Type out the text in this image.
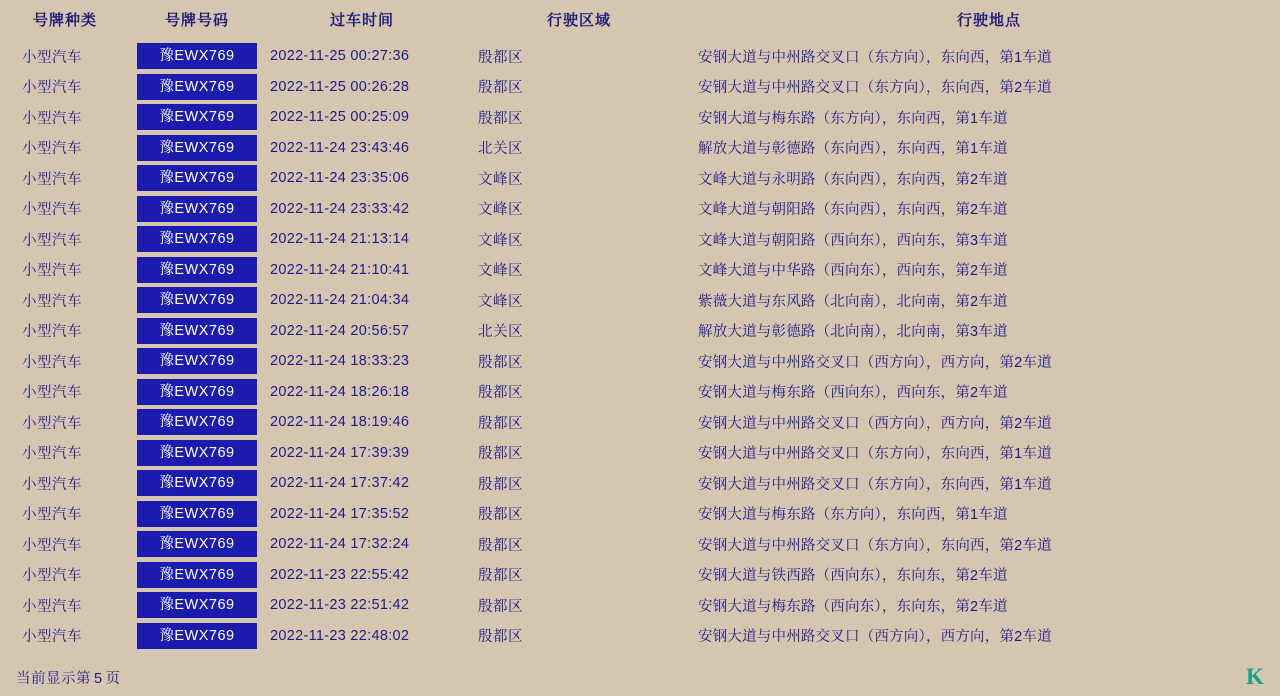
号牌种类	号牌号码	过车时间	行驶区域	行驶地点
小型汽车	豫EWX769	2022-11-25 00:27:36	殷都区	安钢大道与中州路交叉口（东方向），东向西，第1车道
小型汽车	豫EWX769	2022-11-25 00:26:28	殷都区	安钢大道与中州路交叉口（东方向），东向西，第2车道
小型汽车	豫EWX769	2022-11-25 00:25:09	殷都区	安钢大道与梅东路（东方向），东向西，第1车道
小型汽车	豫EWX769	2022-11-24 23:43:46	北关区	解放大道与彰德路（东向西），东向西，第1车道
小型汽车	豫EWX769	2022-11-24 23:35:06	文峰区	文峰大道与永明路（东向西），东向西，第2车道
小型汽车	豫EWX769	2022-11-24 23:33:42	文峰区	文峰大道与朝阳路（东向西），东向西，第2车道
小型汽车	豫EWX769	2022-11-24 21:13:14	文峰区	文峰大道与朝阳路（西向东），西向东，第3车道
小型汽车	豫EWX769	2022-11-24 21:10:41	文峰区	文峰大道与中华路（西向东），西向东，第2车道
小型汽车	豫EWX769	2022-11-24 21:04:34	文峰区	紫薇大道与东风路（北向南），北向南，第2车道
小型汽车	豫EWX769	2022-11-24 20:56:57	北关区	解放大道与彰德路（北向南），北向南，第3车道
小型汽车	豫EWX769	2022-11-24 18:33:23	殷都区	安钢大道与中州路交叉口（西方向），西方向，第2车道
小型汽车	豫EWX769	2022-11-24 18:26:18	殷都区	安钢大道与梅东路（西向东），西向东，第2车道
小型汽车	豫EWX769	2022-11-24 18:19:46	殷都区	安钢大道与中州路交叉口（西方向），西方向，第2车道
小型汽车	豫EWX769	2022-11-24 17:39:39	殷都区	安钢大道与中州路交叉口（东方向），东向西，第1车道
小型汽车	豫EWX769	2022-11-24 17:37:42	殷都区	安钢大道与中州路交叉口（东方向），东向西，第1车道
小型汽车	豫EWX769	2022-11-24 17:35:52	殷都区	安钢大道与梅东路（东方向），东向西，第1车道
小型汽车	豫EWX769	2022-11-24 17:32:24	殷都区	安钢大道与中州路交叉口（东方向），东向西，第2车道
小型汽车	豫EWX769	2022-11-23 22:55:42	殷都区	安钢大道与铁西路（西向东），东向东，第2车道
小型汽车	豫EWX769	2022-11-23 22:51:42	殷都区	安钢大道与梅东路（西向东），东向东，第2车道
小型汽车	豫EWX769	2022-11-23 22:48:02	殷都区	安钢大道与中州路交叉口（西方向），西方向，第2车道
当前显示第 5 页	K
